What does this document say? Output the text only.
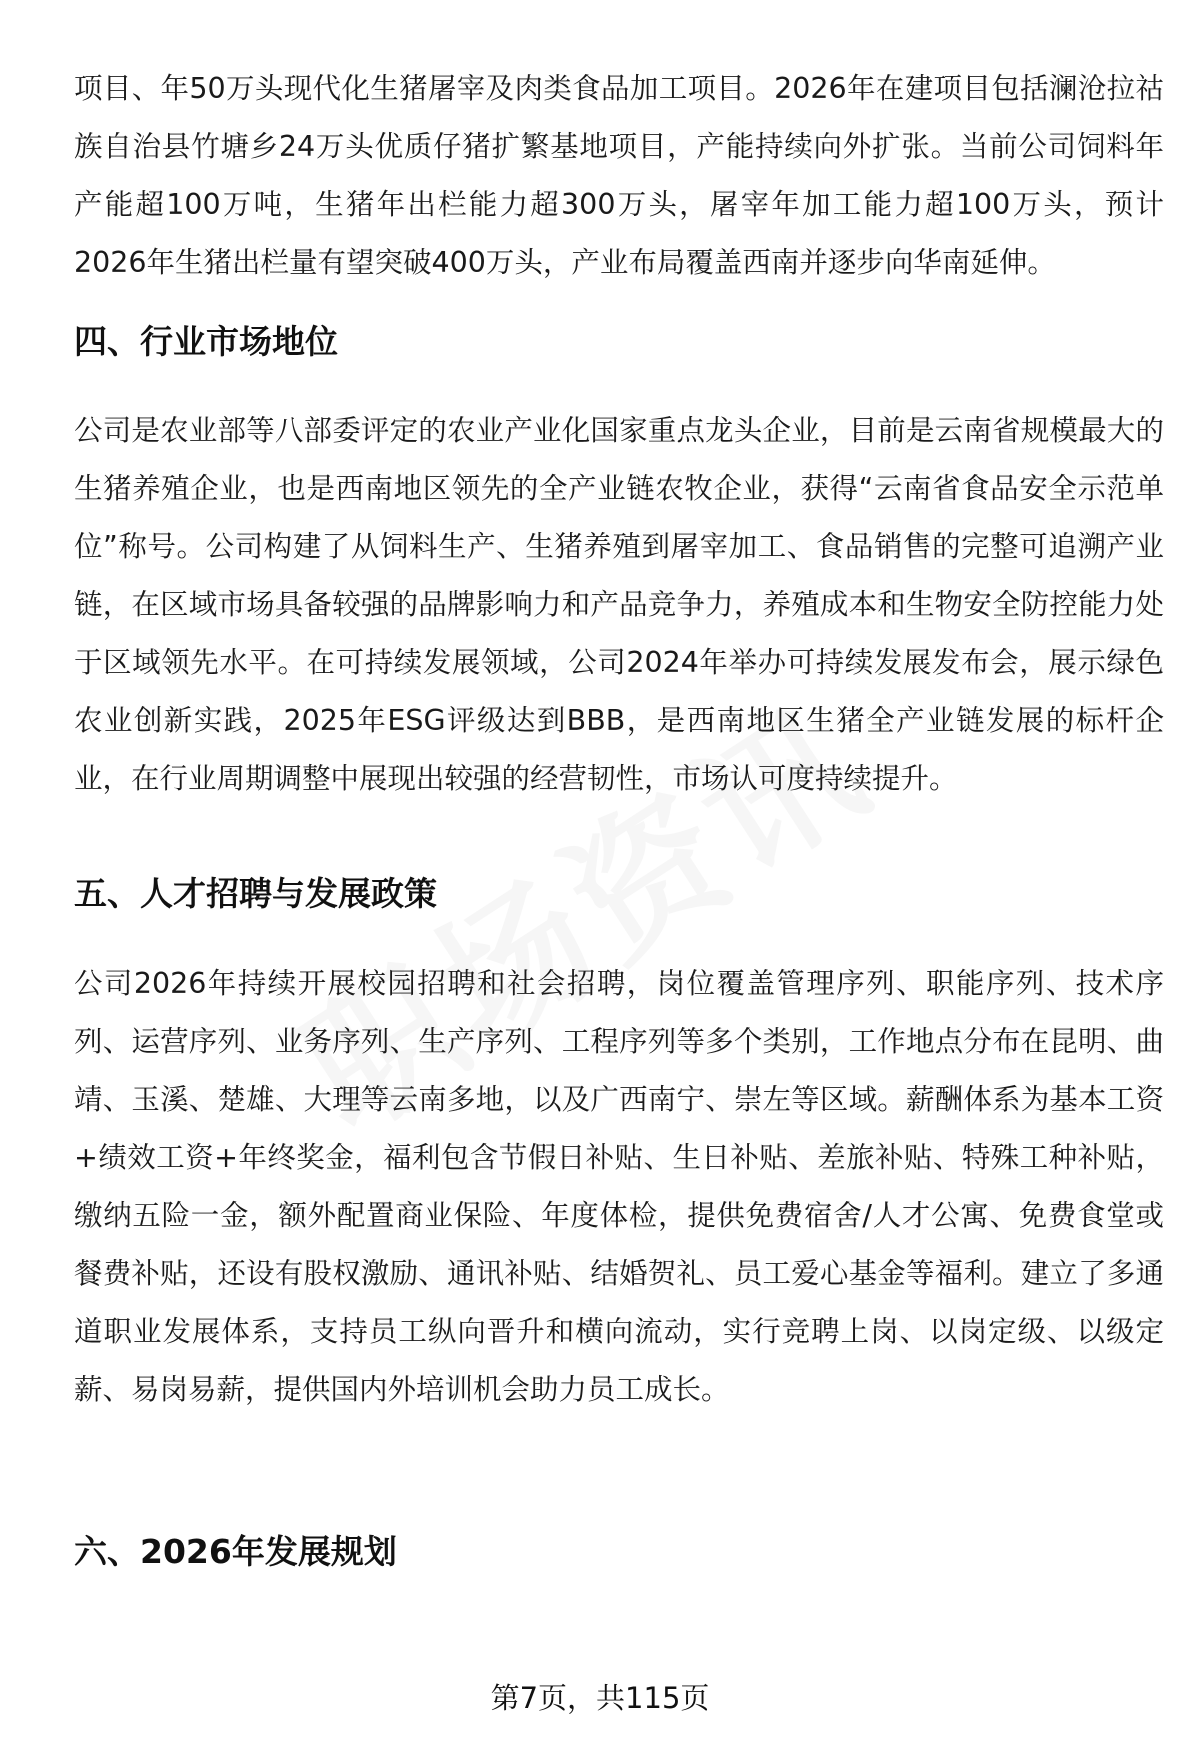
项目、年50万头现代化生猪屠宰及肉类食品加工项目。2026年在建项目包括澜沧拉祜族自治县竹塘乡24万头优质仔猪扩繁基地项目，产能持续向外扩张。当前公司饲料年产能超100万吨，生猪年出栏能力超300万头，屠宰年加工能力超100万头，预计2026年生猪出栏量有望突破400万头，产业布局覆盖西南并逐步向华南延伸。

四、行业市场地位

公司是农业部等八部委评定的农业产业化国家重点龙头企业，目前是云南省规模最大的生猪养殖企业，也是西南地区领先的全产业链农牧企业，获得“云南省食品安全示范单位”称号。公司构建了从饲料生产、生猪养殖到屠宰加工、食品销售的完整可追溯产业链，在区域市场具备较强的品牌影响力和产品竞争力，养殖成本和生物安全防控能力处于区域领先水平。在可持续发展领域，公司2024年举办可持续发展发布会，展示绿色农业创新实践，2025年ESG评级达到BBB，是西南地区生猪全产业链发展的标杆企业，在行业周期调整中展现出较强的经营韧性，市场认可度持续提升。

五、人才招聘与发展政策

公司2026年持续开展校园招聘和社会招聘，岗位覆盖管理序列、职能序列、技术序列、运营序列、业务序列、生产序列、工程序列等多个类别，工作地点分布在昆明、曲靖、玉溪、楚雄、大理等云南多地，以及广西南宁、崇左等区域。薪酬体系为基本工资+绩效工资+年终奖金，福利包含节假日补贴、生日补贴、差旅补贴、特殊工种补贴，缴纳五险一金，额外配置商业保险、年度体检，提供免费宿舍/人才公寓、免费食堂或餐费补贴，还设有股权激励、通讯补贴、结婚贺礼、员工爱心基金等福利。建立了多通道职业发展体系，支持员工纵向晋升和横向流动，实行竞聘上岗、以岗定级、以级定薪、易岗易薪，提供国内外培训机会助力员工成长。

六、2026年发展规划
第7页，共115页
